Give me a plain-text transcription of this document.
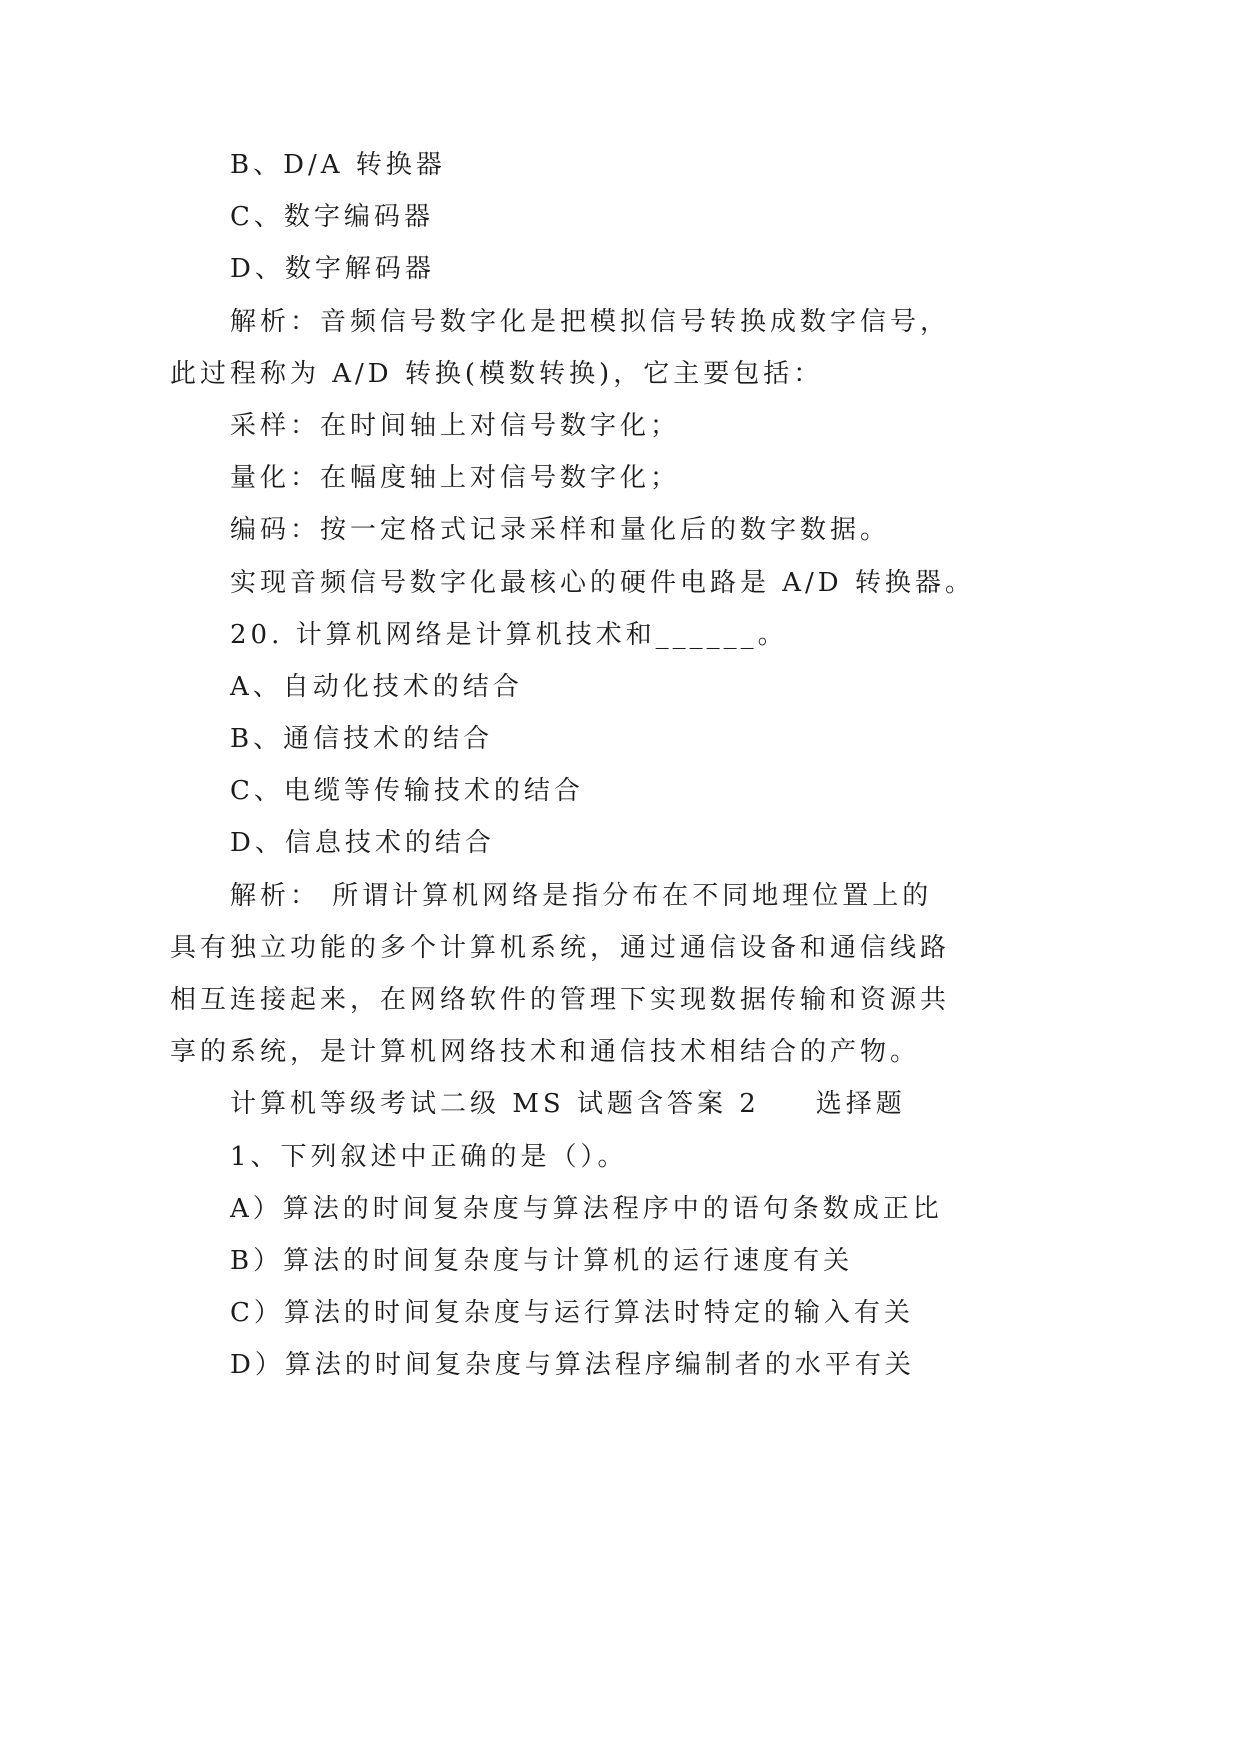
B、D/A 转换器
C、数字编码器
D、数字解码器
解析：音频信号数字化是把模拟信号转换成数字信号，
此过程称为 A/D 转换(模数转换)，它主要包括：
采样：在时间轴上对信号数字化；
量化：在幅度轴上对信号数字化；
编码：按一定格式记录采样和量化后的数字数据。
实现音频信号数字化最核心的硬件电路是 A/D 转换器。
20. 计算机网络是计算机技术和______。
A、自动化技术的结合
B、通信技术的结合
C、电缆等传输技术的结合
D、信息技术的结合
解析： 所谓计算机网络是指分布在不同地理位置上的
具有独立功能的多个计算机系统，通过通信设备和通信线路
相互连接起来，在网络软件的管理下实现数据传输和资源共
享的系统，是计算机网络技术和通信技术相结合的产物。
计算机等级考试二级 MS 试题含答案 2 选择题
1、下列叙述中正确的是（）。
A）算法的时间复杂度与算法程序中的语句条数成正比
B）算法的时间复杂度与计算机的运行速度有关
C）算法的时间复杂度与运行算法时特定的输入有关
D）算法的时间复杂度与算法程序编制者的水平有关
